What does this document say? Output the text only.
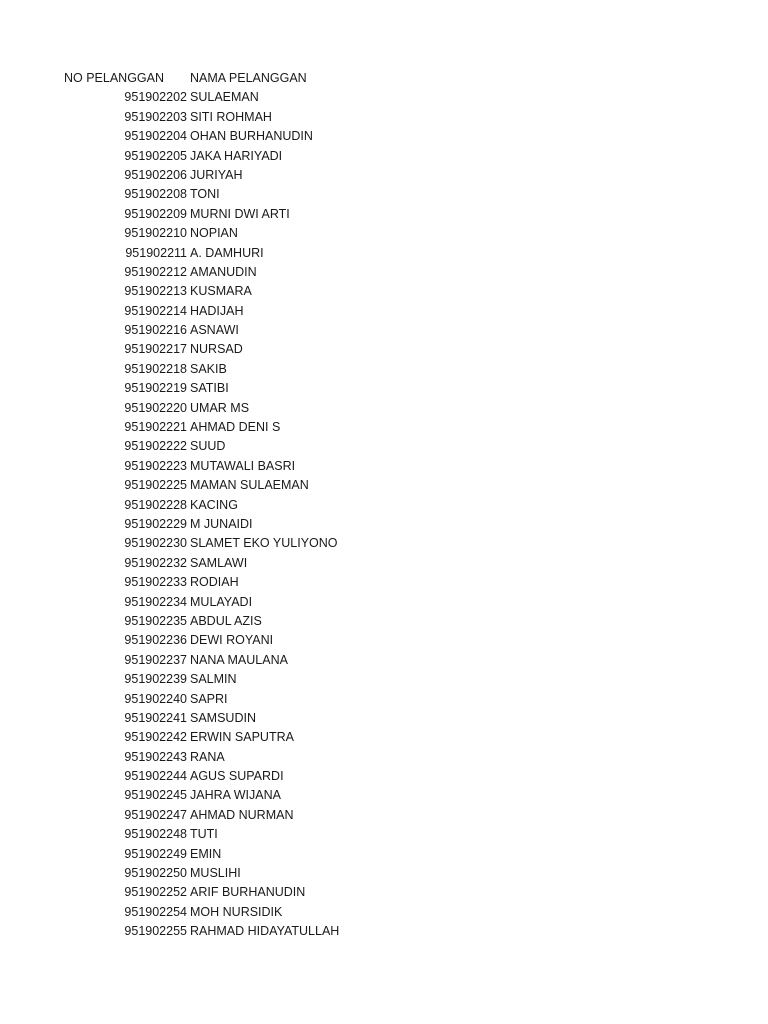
NO PELANGGAN NAMA PELANGGAN
951902202 SULAEMAN
951902203 SITI ROHMAH
951902204 OHAN BURHANUDIN
951902205 JAKA HARIYADI
951902206 JURIYAH
951902208 TONI
951902209 MURNI DWI ARTI
951902210 NOPIAN
951902211 A. DAMHURI
951902212 AMANUDIN
951902213 KUSMARA
951902214 HADIJAH
951902216 ASNAWI
951902217 NURSAD
951902218 SAKIB
951902219 SATIBI
951902220 UMAR MS
951902221 AHMAD DENI S
951902222 SUUD
951902223 MUTAWALI BASRI
951902225 MAMAN SULAEMAN
951902228 KACING
951902229 M JUNAIDI
951902230 SLAMET EKO YULIYONO
951902232 SAMLAWI
951902233 RODIAH
951902234 MULAYADI
951902235 ABDUL AZIS
951902236 DEWI ROYANI
951902237 NANA MAULANA
951902239 SALMIN
951902240 SAPRI
951902241 SAMSUDIN
951902242 ERWIN SAPUTRA
951902243 RANA
951902244 AGUS SUPARDI
951902245 JAHRA WIJANA
951902247 AHMAD NURMAN
951902248 TUTI
951902249 EMIN
951902250 MUSLIHI
951902252 ARIF BURHANUDIN
951902254 MOH NURSIDIK
951902255 RAHMAD HIDAYATULLAH
